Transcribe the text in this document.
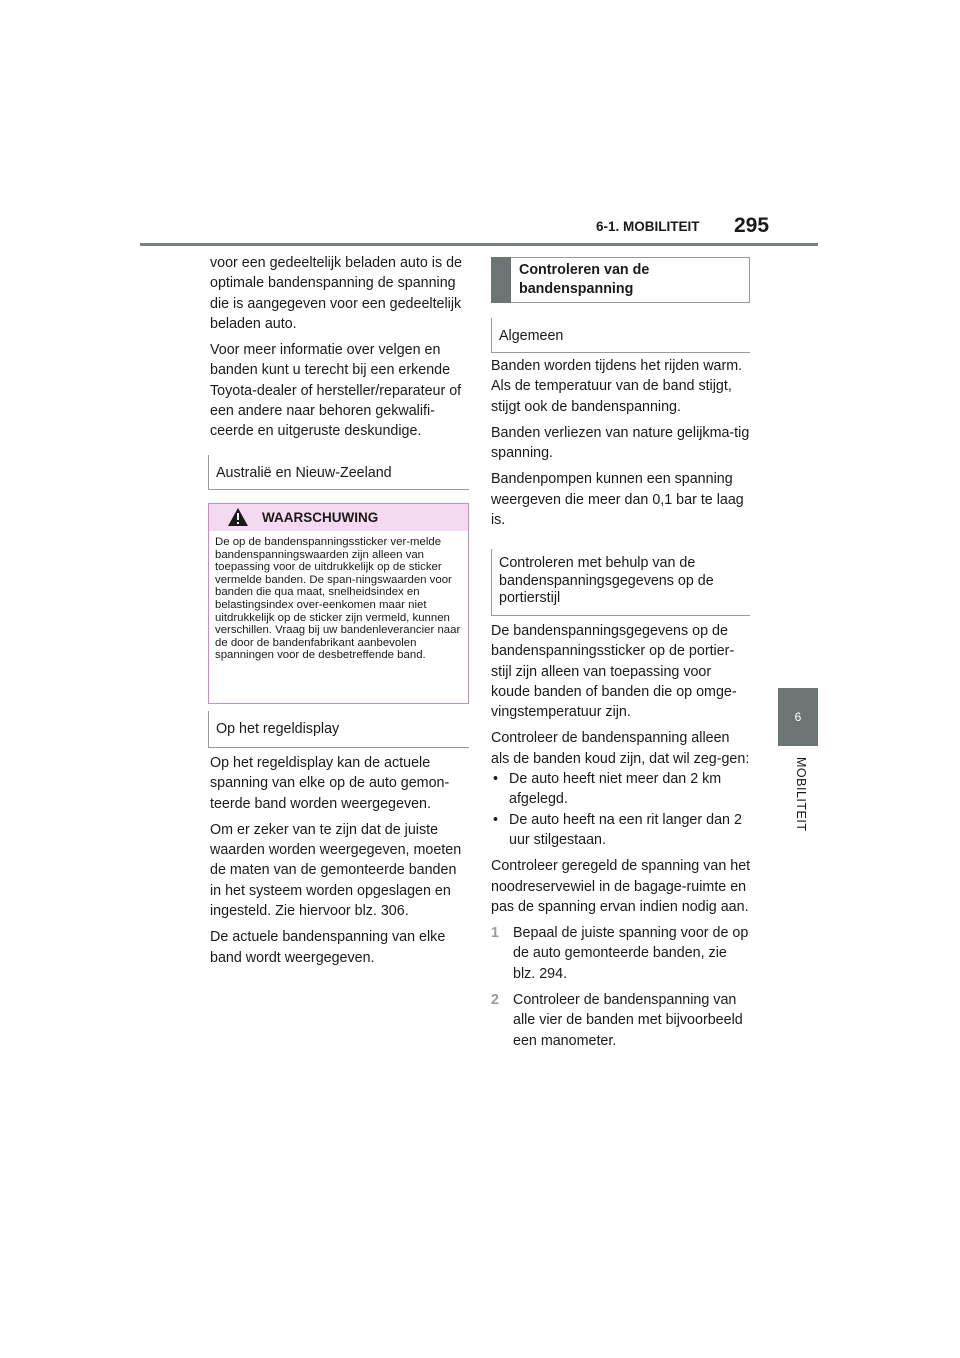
6-1. MOBILITEIT 295
6
MOBILITEIT

voor een gedeeltelijk beladen auto is de optimale bandenspanning de spanning die is aangegeven voor een gedeeltelijk beladen auto.

Voor meer informatie over velgen en banden kunt u terecht bij een erkende Toyota-dealer of hersteller/reparateur of een andere naar behoren gekwalifi-ceerde en uitgeruste deskundige.

Australië en Nieuw-Zeeland
WAARSCHUWING
De op de bandenspanningssticker ver-melde bandenspanningswaarden zijn alleen van toepassing voor de uitdrukkelijk op de sticker vermelde banden. De span-ningswaarden voor banden die qua maat, snelheidsindex en belastingsindex over-eenkomen maar niet uitdrukkelijk op de sticker zijn vermeld, kunnen verschillen. Vraag bij uw bandenleverancier naar de door de bandenfabrikant aanbevolen spanningen voor de desbetreffende band.
Op het regeldisplay

Op het regeldisplay kan de actuele spanning van elke op de auto gemon-teerde band worden weergegeven.

Om er zeker van te zijn dat de juiste waarden worden weergegeven, moeten de maten van de gemonteerde banden in het systeem worden opgeslagen en ingesteld. Zie hiervoor blz. 306.

De actuele bandenspanning van elke band wordt weergegeven.

Controleren van de bandenspanning
Algemeen

Banden worden tijdens het rijden warm. Als de temperatuur van de band stijgt, stijgt ook de bandenspanning.

Banden verliezen van nature gelijkma-tig spanning.

Bandenpompen kunnen een spanning weergeven die meer dan 0,1 bar te laag is.

Controleren met behulp van de bandenspanningsgegevens op de portierstijl

De bandenspanningsgegevens op de bandenspanningssticker op de portier-stijl zijn alleen van toepassing voor koude banden of banden die op omge-vingstemperatuur zijn.

Controleer de bandenspanning alleen als de banden koud zijn, dat wil zeg-gen:

• De auto heeft niet meer dan 2 km afgelegd.
• De auto heeft na een rit langer dan 2 uur stilgestaan.

Controleer geregeld de spanning van het noodreservewiel in de bagage-ruimte en pas de spanning ervan indien nodig aan.

1 Bepaal de juiste spanning voor de op de auto gemonteerde banden, zie blz. 294.
2 Controleer de bandenspanning van alle vier de banden met bijvoorbeeld een manometer.
